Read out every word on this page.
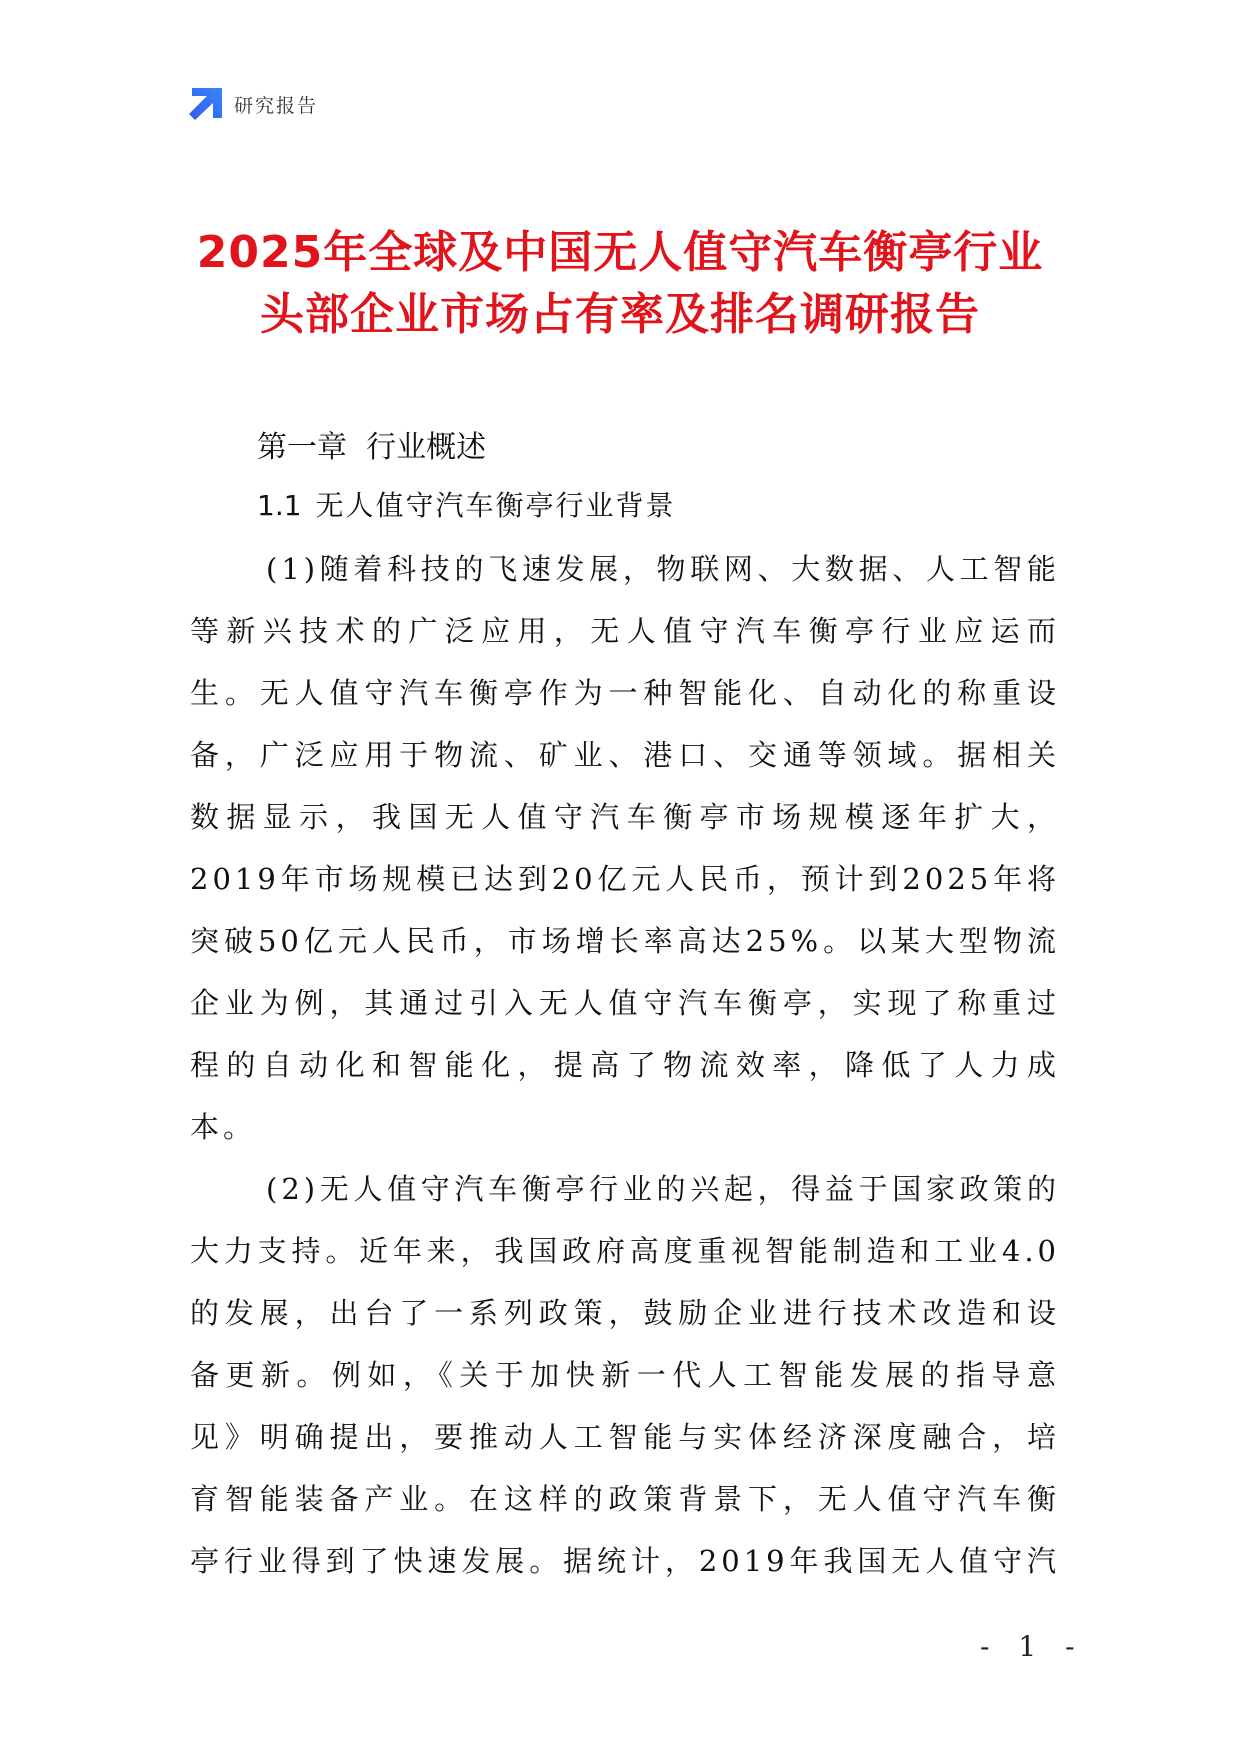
研究报告
2025年全球及中国无人值守汽车衡亭行业
头部企业市场占有率及排名调研报告
第一章  行业概述
1.1 无人值守汽车衡亭行业背景

(1)随着科技的飞速发展，物联网、大数据、人工智能
等新兴技术的广泛应用，无人值守汽车衡亭行业应运而
生。无人值守汽车衡亭作为一种智能化、自动化的称重设
备，广泛应用于物流、矿业、港口、交通等领域。据相关
数据显示，我国无人值守汽车衡亭市场规模逐年扩大，
2019年市场规模已达到20亿元人民币，预计到2025年将
突破50亿元人民币，市场增长率高达25%。以某大型物流
企业为例，其通过引入无人值守汽车衡亭，实现了称重过
程的自动化和智能化，提高了物流效率，降低了人力成
本。

(2)无人值守汽车衡亭行业的兴起，得益于国家政策的
大力支持。近年来，我国政府高度重视智能制造和工业4.0
的发展，出台了一系列政策，鼓励企业进行技术改造和设
备更新。例如，《关于加快新一代人工智能发展的指导意
见》明确提出，要推动人工智能与实体经济深度融合，培
育智能装备产业。在这样的政策背景下，无人值守汽车衡
亭行业得到了快速发展。据统计，2019年我国无人值守汽

- 1 -
